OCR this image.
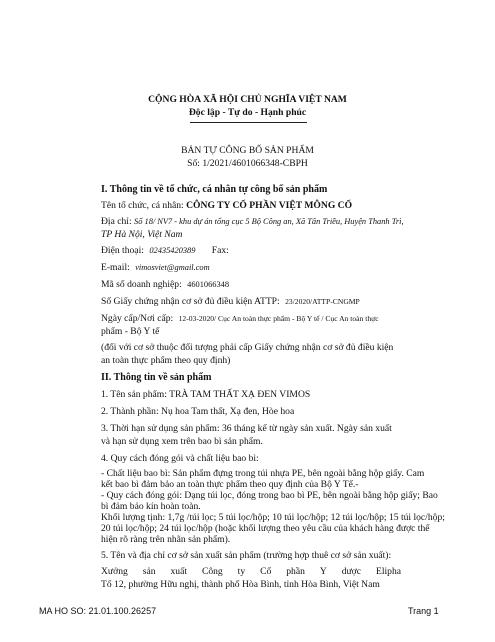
CỘNG HÒA XÃ HỘI CHỦ NGHĨA VIỆT NAM
Độc lập - Tự do - Hạnh phúc
BẢN TỰ CÔNG BỐ SẢN PHẨM
Số: 1/2021/4601066348-CBPH
I. Thông tin về tổ chức, cá nhân tự công bố sản phẩm
Tên tổ chức, cá nhân: CÔNG TY CỔ PHẦN VIỆT MÔNG CỔ
Địa chỉ: Số 18/ NV7 - khu dự án tổng cục 5 Bộ Công an, Xã Tân Triều, Huyện Thanh Trì,
TP Hà Nội, Việt Nam
Điện thoại: 02435420389 Fax:
E-mail: vimosviet@gmail.com
Mã số doanh nghiệp: 4601066348
Số Giấy chứng nhận cơ sở đủ điều kiện ATTP: 23/2020/ATTP-CNGMP
Ngày cấp/Nơi cấp: 12-03-2020/ Cục An toàn thực phẩm - Bộ Y tế / Cục An toàn thực
phẩm - Bộ Y tế
(đối với cơ sở thuộc đối tượng phải cấp Giấy chứng nhận cơ sở đủ điều kiện
an toàn thực phẩm theo quy định)
II. Thông tin về sản phẩm
1. Tên sản phẩm: TRÀ TAM THẤT XẠ ĐEN VIMOS
2. Thành phần: Nụ hoa Tam thất, Xạ đen, Hòe hoa
3. Thời hạn sử dụng sản phẩm: 36 tháng kể từ ngày sản xuất. Ngày sản xuất
và hạn sử dụng xem trên bao bì sản phẩm.
4. Quy cách đóng gói và chất liệu bao bì:
- Chất liệu bao bì: Sản phẩm đựng trong túi nhựa PE, bên ngoài bằng hộp giấy. Cam
kết bao bì đảm bảo an toàn thực phẩm theo quy định của Bộ Y Tế.-
- Quy cách đóng gói: Dạng túi lọc, đóng trong bao bì PE, bên ngoài bằng hộp giấy; Bao
bì đảm bảo kín hoàn toàn.
Khối lượng tịnh: 1,7g /túi lọc; 5 túi lọc/hộp; 10 túi lọc/hộp; 12 túi lọc/hộp; 15 túi lọc/hộp;
20 túi lọc/hộp; 24 túi lọc/hộp (hoặc khối lượng theo yêu cầu của khách hàng được thể
hiện rõ ràng trên nhãn sản phẩm).
5. Tên và địa chỉ cơ sở sản xuất sản phẩm (trường hợp thuê cơ sở sản xuất):
Xưởng sản xuất Công ty Cổ phần Y dược Elipha
Tổ 12, phường Hữu nghị, thành phố Hòa Bình, tỉnh Hòa Bình, Việt Nam
MA HO SO: 21.01.100.26257	Trang 1
